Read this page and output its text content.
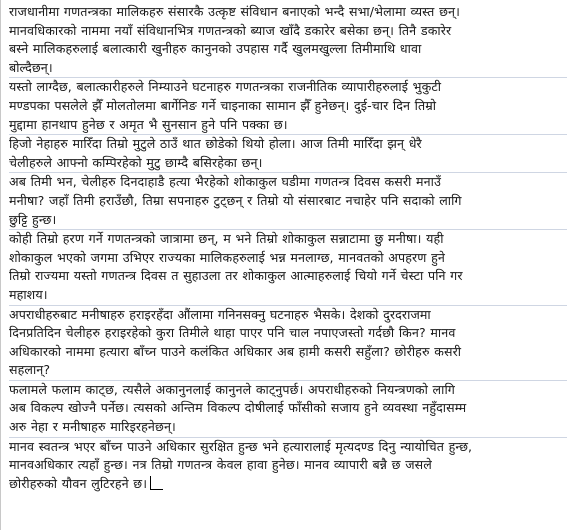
राजधानीमा गणतन्त्रका मालिकहरु संसारकै उत्कृष्ट संविधान बनाएको भन्दै सभा/भेलामा व्यस्त छन्।
मानवधिकारको नाममा नयाँ संविधानभित्र गणतन्त्रको ब्याज खाँदै डकारेर बसेका छन्। तिनै डकारेर
बस्ने मालिकहरुलाई बलात्कारी खुनीहरु कानुनको उपहास गर्दै खुलमखुल्ला तिमीमाथि धावा
बोल्दैछन्।
यस्तो लाग्दैछ, बलात्कारीहरुले निम्याउने घटनाहरु गणतन्त्रका राजनीतिक व्यापारीहरुलाई भुकुटी
मण्डपका पसलेले झैँ मोलतोलमा बार्गेनिङ गर्ने चाइनाका सामान झैँ हुनेछन्। दुई-चार दिन तिम्रो
मुद्दामा हानथाप हुनेछ र अमृत भै सुनसान हुने पनि पक्का छ।
हिजो नेहाहरु मारिँदा तिम्रो मुटुले ठाउँ थात छोडेको थियो होला। आज तिमी मारिँदा झन् धेरै
चेलीहरुले आफ्नो कम्पिरहेको मुटु छाम्दै बसिरहेका छन्।
अब तिमी भन, चेलीहरु दिनदाहाडै हत्या भैरहेको शोकाकुल घडीमा गणतन्त्र दिवस कसरी मनाउँ
मनीषा? जहाँ तिमी हराउँछौ, तिम्रा सपनाहरु टुट्छन् र तिम्रो यो संसारबाट नचाहेर पनि सदाको लागि
छुट्टि हुन्छ।
कोही तिम्रो हरण गर्ने गणतन्त्रको जात्रामा छन्, म भने तिम्रो शोकाकुल सन्नाटामा छु मनीषा। यही
शोकाकुल भएको जगमा उभिएर राज्यका मालिकहरुलाई भन्न मनलाग्छ, मानवतको अपहरण हुने
तिम्रो राज्यमा यस्तो गणतन्त्र दिवस त सुहाउला तर शोकाकुल आत्माहरुलाई चियो गर्ने चेस्टा पनि गर
महाशय।
अपराधीहरुबाट मनीषाहरु हराइरहँदा औंलामा गनिनसक्नु घटनाहरु भैसके। देशको दुरदराजमा
दिनप्रतिदिन चेलीहरु हराइरहेको कुरा तिमीले थाहा पाएर पनि चाल नपाएजस्तो गर्दछौ किन? मानव
अधिकारको नाममा हत्यारा बाँच्न पाउने कलंकित अधिकार अब हामी कसरी सहुँला? छोरीहरु कसरी
सहलान्?
फलामले फलाम काट्छ, त्यसैले अकानुनलाई कानुनले काट्नुपर्छ। अपराधीहरुको नियन्त्रणको लागि
अब विकल्प खोज्नै पर्नेछ। त्यसको अन्तिम विकल्प दोषीलाई फाँसीको सजाय हुने व्यवस्था नहुँदासम्म
अरु नेहा र मनीषाहरु मारिइरहनेछन्।
मानव स्वतन्त्र भएर बाँच्न पाउने अधिकार सुरक्षित हुन्छ भने हत्यारालाई मृत्यदण्ड दिनु न्यायोचित हुन्छ,
मानवअधिकार त्यहाँ हुन्छ। नत्र तिम्रो गणतन्त्र केवल हावा हुनेछ। मानव व्यापारी बन्नै छ जसले
छोरीहरुको यौवन लुटिरहने छ।
